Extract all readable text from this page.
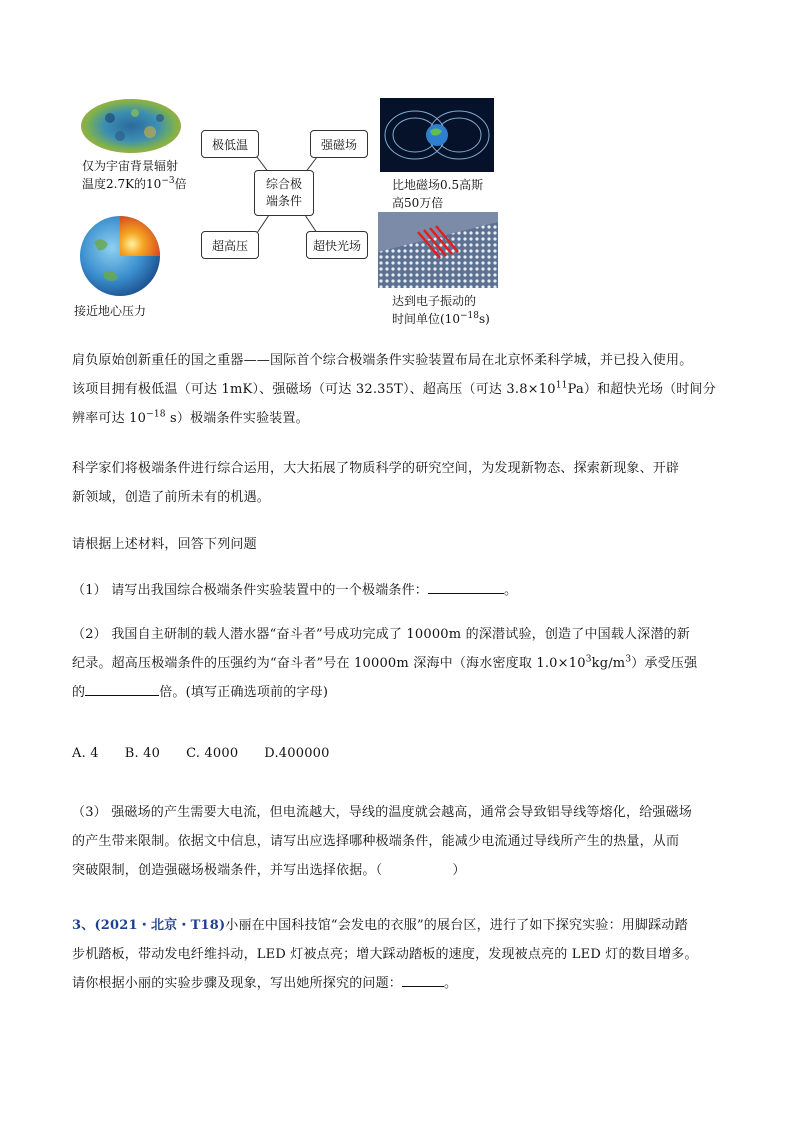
仅为宇宙背景辐射
温度2.7K的$10^{-3}$倍
接近地心压力
极低温	强磁场
综合极
端条件
超高压	超快光场
比地磁场0.5高斯
高50万倍
达到电子振动的
时间单位$(10^{-18}s)$
肩负原始创新重任的国之重器——国际首个综合极端条件实验装置布局在北京怀柔科学城，并已投入使用。
该项目拥有极低温（可达 1mK）、强磁场（可达 32.35T）、超高压（可达 $3.8\times 10^{11}Pa$）和超快光场（时间分
辨率可达 $10^{-18}$ s）极端条件实验装置。
科学家们将极端条件进行综合运用，大大拓展了物质科学的研究空间，为发现新物态、探索新现象、开辟
新领域，创造了前所未有的机遇。
请根据上述材料，回答下列问题
（1） 请写出我国综合极端条件实验装置中的一个极端条件：	。
（2） 我国自主研制的载人潜水器“奋斗者”号成功完成了 10000m 的深潜试验，创造了中国载人深潜的新
纪录。超高压极端条件的压强约为“奋斗者”号在 10000m 深海中（海水密度取 $1.0\times 10^3kg/m^3$）承受压强
的	倍。(填写正确选项前的字母)
A. 4      B. 40      C. 4000      D.400000
（3） 强磁场的产生需要大电流，但电流越大，导线的温度就会越高，通常会导致铝导线等熔化，给强磁场
的产生带来限制。依据文中信息，请写出应选择哪种极端条件，能减少电流通过导线所产生的热量，从而
突破限制，创造强磁场极端条件，并写出选择依据。（	）
3、(2021・北京・T18)小丽在中国科技馆“会发电的衣服”的展台区，进行了如下探究实验：用脚踩动踏
步机踏板，带动发电纤维抖动，LED 灯被点亮；增大踩动踏板的速度，发现被点亮的 LED 灯的数目增多。
请你根据小丽的实验步骤及现象，写出她所探究的问题：	。
